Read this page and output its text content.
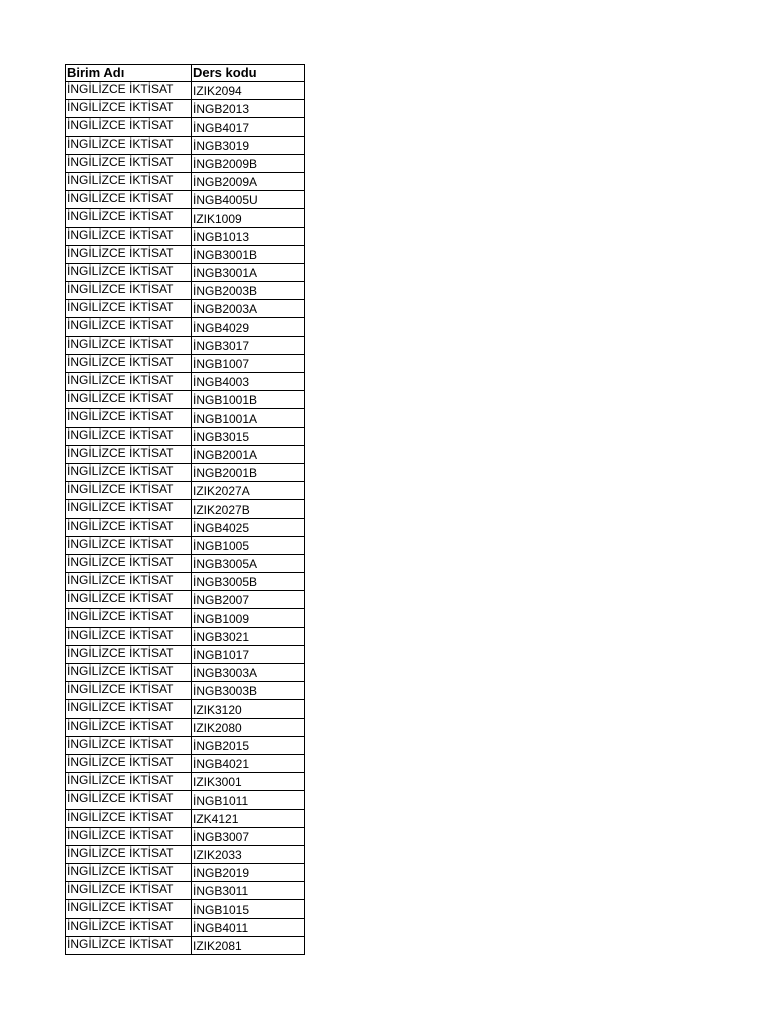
Birim Adı	Ders kodu
İNGİLİZCE İKTİSAT	IZIK2094
İNGİLİZCE İKTİSAT	İNGB2013
İNGİLİZCE İKTİSAT	İNGB4017
İNGİLİZCE İKTİSAT	İNGB3019
İNGİLİZCE İKTİSAT	İNGB2009B
İNGİLİZCE İKTİSAT	İNGB2009A
İNGİLİZCE İKTİSAT	İNGB4005U
İNGİLİZCE İKTİSAT	IZIK1009
İNGİLİZCE İKTİSAT	İNGB1013
İNGİLİZCE İKTİSAT	İNGB3001B
İNGİLİZCE İKTİSAT	İNGB3001A
İNGİLİZCE İKTİSAT	İNGB2003B
İNGİLİZCE İKTİSAT	İNGB2003A
İNGİLİZCE İKTİSAT	İNGB4029
İNGİLİZCE İKTİSAT	İNGB3017
İNGİLİZCE İKTİSAT	İNGB1007
İNGİLİZCE İKTİSAT	İNGB4003
İNGİLİZCE İKTİSAT	İNGB1001B
İNGİLİZCE İKTİSAT	İNGB1001A
İNGİLİZCE İKTİSAT	İNGB3015
İNGİLİZCE İKTİSAT	İNGB2001A
İNGİLİZCE İKTİSAT	İNGB2001B
İNGİLİZCE İKTİSAT	IZIK2027A
İNGİLİZCE İKTİSAT	IZIK2027B
İNGİLİZCE İKTİSAT	İNGB4025
İNGİLİZCE İKTİSAT	İNGB1005
İNGİLİZCE İKTİSAT	İNGB3005A
İNGİLİZCE İKTİSAT	İNGB3005B
İNGİLİZCE İKTİSAT	İNGB2007
İNGİLİZCE İKTİSAT	İNGB1009
İNGİLİZCE İKTİSAT	İNGB3021
İNGİLİZCE İKTİSAT	İNGB1017
İNGİLİZCE İKTİSAT	İNGB3003A
İNGİLİZCE İKTİSAT	İNGB3003B
İNGİLİZCE İKTİSAT	IZIK3120
İNGİLİZCE İKTİSAT	IZIK2080
İNGİLİZCE İKTİSAT	İNGB2015
İNGİLİZCE İKTİSAT	İNGB4021
İNGİLİZCE İKTİSAT	IZIK3001
İNGİLİZCE İKTİSAT	İNGB1011
İNGİLİZCE İKTİSAT	IZK4121
İNGİLİZCE İKTİSAT	İNGB3007
İNGİLİZCE İKTİSAT	IZIK2033
İNGİLİZCE İKTİSAT	İNGB2019
İNGİLİZCE İKTİSAT	İNGB3011
İNGİLİZCE İKTİSAT	İNGB1015
İNGİLİZCE İKTİSAT	İNGB4011
İNGİLİZCE İKTİSAT	IZIK2081
